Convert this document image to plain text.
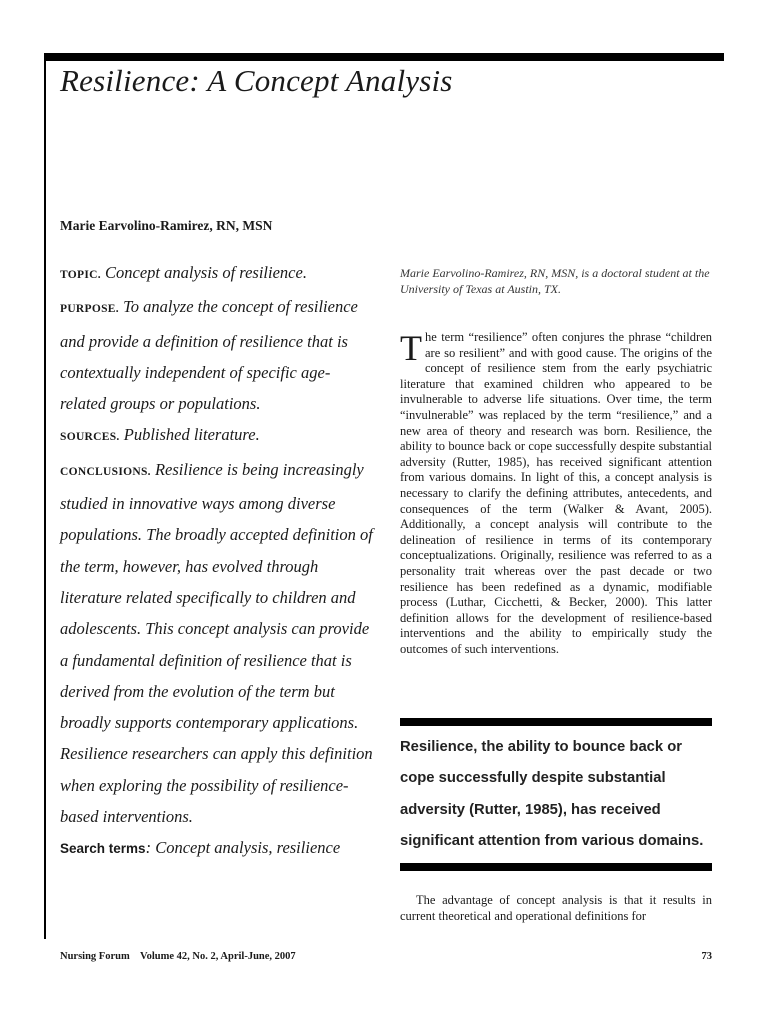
Resilience: A Concept Analysis
Marie Earvolino-Ramirez, RN, MSN

TOPIC. Concept analysis of resilience.

PURPOSE. To analyze the concept of resilience and provide a definition of resilience that is contextually independent of specific age-related groups or populations.

SOURCES. Published literature.

CONCLUSIONS. Resilience is being increasingly studied in innovative ways among diverse populations. The broadly accepted definition of the term, however, has evolved through literature related specifically to children and adolescents. This concept analysis can provide a fundamental definition of resilience that is derived from the evolution of the term but broadly supports contemporary applications. Resilience researchers can apply this definition when exploring the possibility of resilience-based interventions.

Search terms: Concept analysis, resilience

Marie Earvolino-Ramirez, RN, MSN, is a doctoral student at the University of Texas at Austin, TX.

The term “resilience” often conjures the phrase “children are so resilient” and with good cause. The origins of the concept of resilience stem from the early psychiatric literature that examined children who appeared to be invulnerable to adverse life situations. Over time, the term “invulnerable” was replaced by the term “resilience,” and a new area of theory and research was born. Resilience, the ability to bounce back or cope successfully despite substantial adversity (Rutter, 1985), has received significant attention from various domains. In light of this, a concept analysis is necessary to clarify the defining attributes, antecedents, and consequences of the term (Walker & Avant, 2005). Additionally, a concept analysis will contribute to the delineation of resilience in terms of its contemporary conceptualizations. Originally, resilience was referred to as a personality trait whereas over the past decade or two resilience has been redefined as a dynamic, modifiable process (Luthar, Cicchetti, & Becker, 2000). This latter definition allows for the development of resilience-based interventions and the ability to empirically study the outcomes of such interventions.

Resilience, the ability to bounce back or cope successfully despite substantial adversity (Rutter, 1985), has received significant attention from various domains.
The advantage of concept analysis is that it results in current theoretical and operational definitions for
Nursing Forum    Volume 42, No. 2, April-June, 2007	73
